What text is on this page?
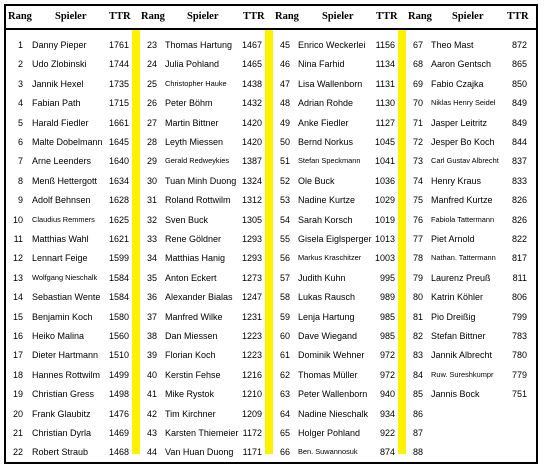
Rang Spieler TTR Rang Spieler TTR Rang Spieler TTR Rang Spieler TTR
1 Danny Pieper	1761
2 Udo Zlobinski	1744
3 Jannik Hexel	1735
4 Fabian Path	1715
5 Harald Fiedler	1661
6 Malte Dobelmann 1645
7 Arne Leenders	1640
8 Menß Hettergott	1634
9 Adolf Behnsen	1628
10 Claudius Remmers	1625
11 Matthias Wahl	1621
12 Lennart Feige	1599
13 Wolfgang Nieschalk	1584
14 Sebastian Wente 1584
15 Benjamin Koch	1580
16 Heiko Malina	1560
17 Dieter Hartmann	1510
18 Hannes Rottwilm 1499
19 Christian Gress	1498
20 Frank Glaubitz	1476
21 Christian Dyrla	1469
22 Robert Straub	1468
23 Thomas Hartung	1467
24 Julia Pohland	1465
25 Christopher Hauke	1438
26 Peter Böhm	1432
27 Martin Bittner	1420
28 Leyth Miessen	1420
29 Gerald Redweykies	1387
30 Tuan Minh Duong 1324
31 Roland Rottwilm	1312
32 Sven Buck	1305
33 Rene Göldner	1293
34 Matthias Hanig	1293
35 Anton Eckert	1273
36 Alexander Bialas	1247
37 Manfred Wilke	1231
38 Dan Miessen	1223
39 Florian Koch	1223
40 Kerstin Fehse	1216
41 Mike Rystok	1210
42 Tim Kirchner	1209
43 Karsten Thiemeier 1172
44 Van Huan Duong	1171
45 Enrico Weckerlei	1156
46 Nina Farhid	1134
47 Lisa Wallenborn	1131
48 Adrian Rohde	1130
49 Anke Fiedler	1127
50 Bernd Norkus	1045
51 Stefan Speckmann	1041
52 Ole Buck	1036
53 Nadine Kurtze	1029
54 Sarah Korsch	1019
55 Gisela Eiglsperger 1013
56 Markus Kraschitzer	1003
57 Judith Kuhn	995
58 Lukas Rausch	989
59 Lenja Hartung	985
60 Dave Wiegand	985
61 Dominik Wehner	972
62 Thomas Müller	972
63 Peter Wallenborn	940
64 Nadine Nieschalk	934
65 Holger Pohland	922
66 Ben. Suwannosuk	874
67 Theo Mast	872
68 Aaron Gentsch	865
69 Fabio Czajka	850
70 Niklas Henry Seidel	849
71 Jasper Leitritz	849
72 Jesper Bo Koch	844
73 Carl Gustav Albrecht	837
74 Henry Kraus	833
75 Manfred Kurtze	826
76 Fabiola Tattermann	826
77 Piet Arnold	822
78 Nathan. Tattermann	817
79 Laurenz Preuß	811
80 Katrin Köhler	806
81 Pio Dreißig	799
82 Stefan Bittner	783
83 Jannik Albrecht	780
84 Ruw. Sureshkumpr	779
85 Jannis Bock	751
86
87
88
